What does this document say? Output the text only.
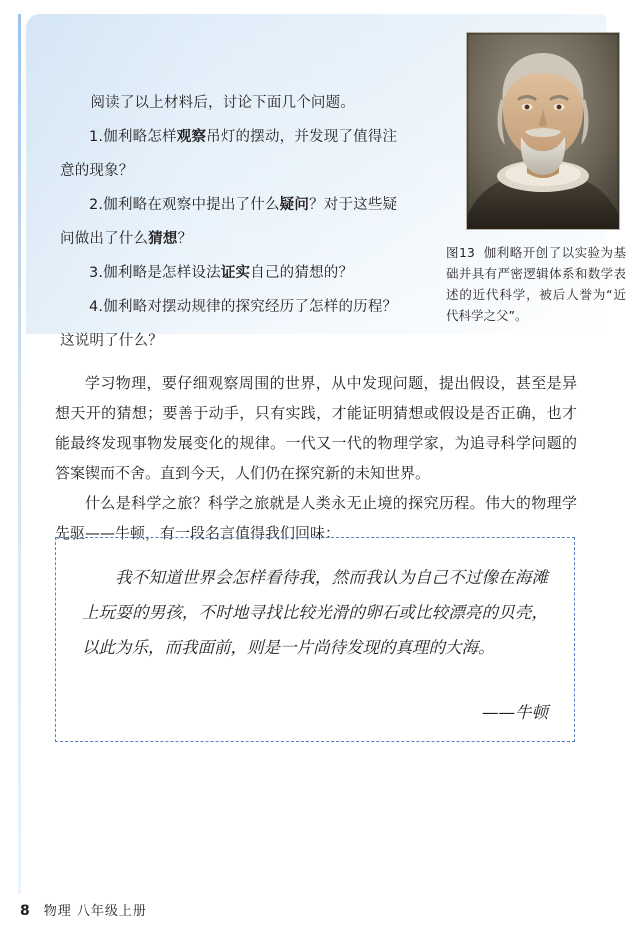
阅读了以上材料后，讨论下面几个问题。

1.伽利略怎样观察吊灯的摆动，并发现了值得注

意的现象？

2.伽利略在观察中提出了什么疑问？对于这些疑

问做出了什么猜想？

3.伽利略是怎样设法证实自己的猜想的？

4.伽利略对摆动规律的探究经历了怎样的历程？

这说明了什么？

图13 伽利略开创了以实验为基础并具有严密逻辑体系和数学表述的近代科学，被后人誉为“近代科学之父”。

学习物理，要仔细观察周围的世界，从中发现问题，提出假设，甚至是异想天开的猜想；要善于动手，只有实践，才能证明猜想或假设是否正确，也才能最终发现事物发展变化的规律。一代又一代的物理学家，为追寻科学问题的答案锲而不舍。直到今天，人们仍在探究新的未知世界。

什么是科学之旅？科学之旅就是人类永无止境的探究历程。伟大的物理学先驱——牛顿，有一段名言值得我们回味：

我不知道世界会怎样看待我，然而我认为自己不过像在海滩上玩耍的男孩，不时地寻找比较光滑的卵石或比较漂亮的贝壳，以此为乐，而我面前，则是一片尚待发现的真理的大海。

——牛顿
8 物理 八年级上册
